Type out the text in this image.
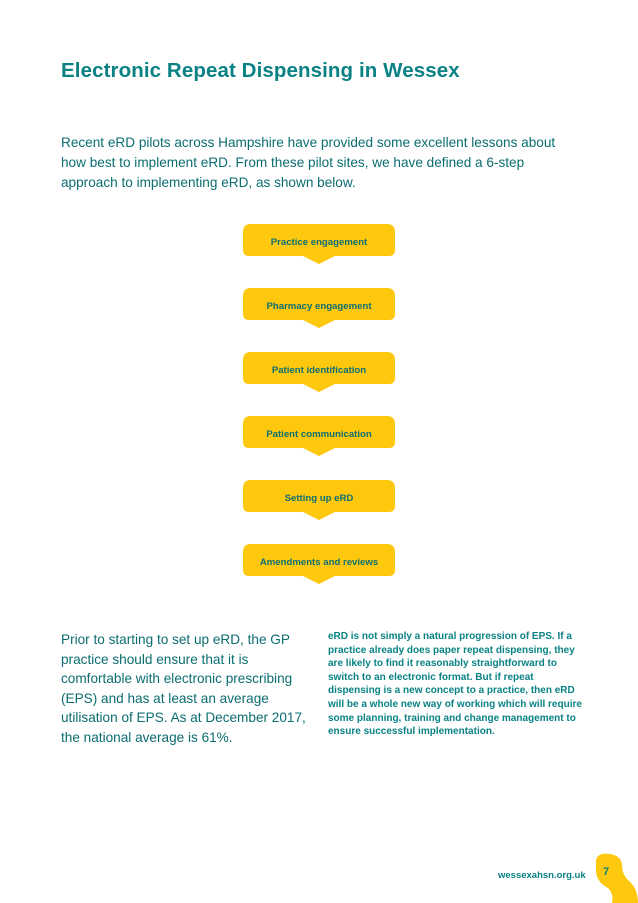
Electronic Repeat Dispensing in Wessex
Recent eRD pilots across Hampshire have provided some excellent lessons about how best to implement eRD. From these pilot sites, we have defined a 6-step approach to implementing eRD, as shown below.
Practice engagement
Pharmacy engagement
Patient identification
Patient communication
Setting up eRD
Amendments and reviews
Prior to starting to set up eRD, the GP practice should ensure that it is comfortable with electronic prescribing (EPS) and has at least an average utilisation of EPS. As at December 2017, the national average is 61%.
eRD is not simply a natural progression of EPS. If a practice already does paper repeat dispensing, they are likely to find it reasonably straightforward to switch to an electronic format. But if repeat dispensing is a new concept to a practice, then eRD will be a whole new way of working which will require some planning, training and change management to ensure successful implementation.
wessexahsn.org.uk 7
